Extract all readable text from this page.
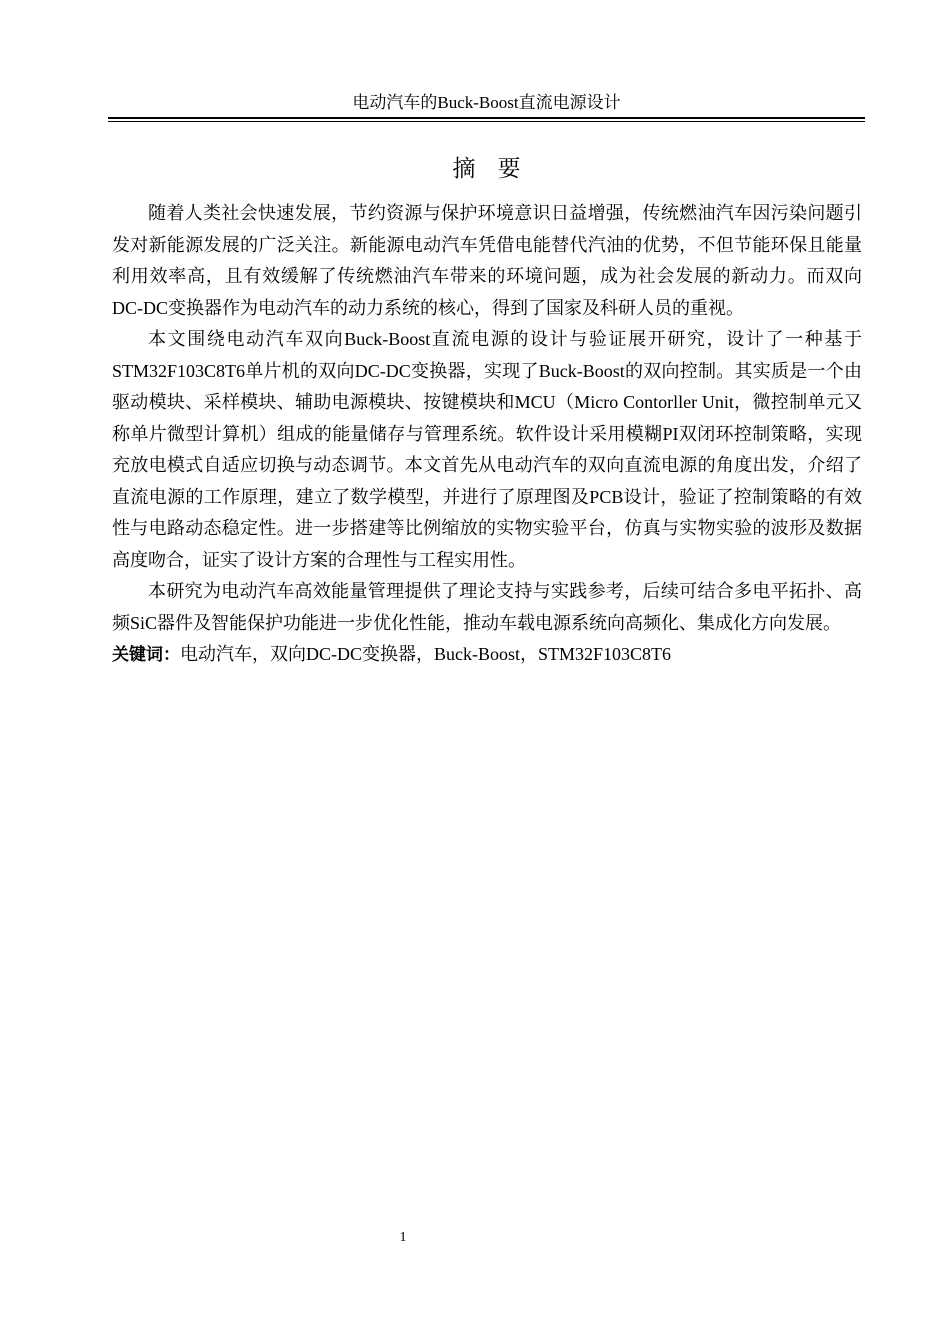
电动汽车的Buck-Boost直流电源设计
摘要

随着人类社会快速发展，节约资源与保护环境意识日益增强，传统燃油汽车因污染问题引发对新能源发展的广泛关注。新能源电动汽车凭借电能替代汽油的优势，不但节能环保且能量利用效率高，且有效缓解了传统燃油汽车带来的环境问题，成为社会发展的新动力。而双向DC-DC变换器作为电动汽车的动力系统的核心，得到了国家及科研人员的重视。

本文围绕电动汽车双向Buck-Boost直流电源的设计与验证展开研究，设计了一种基于STM32F103C8T6单片机的双向DC-DC变换器，实现了Buck-Boost的双向控制。其实质是一个由驱动模块、采样模块、辅助电源模块、按键模块和MCU（Micro Contorller Unit，微控制单元又称单片微型计算机）组成的能量储存与管理系统。软件设计采用模糊PI双闭环控制策略，实现充放电模式自适应切换与动态调节。本文首先从电动汽车的双向直流电源的角度出发，介绍了直流电源的工作原理，建立了数学模型，并进行了原理图及PCB设计，验证了控制策略的有效性与电路动态稳定性。进一步搭建等比例缩放的实物实验平台，仿真与实物实验的波形及数据高度吻合，证实了设计方案的合理性与工程实用性。

本研究为电动汽车高效能量管理提供了理论支持与实践参考，后续可结合多电平拓扑、高频SiC器件及智能保护功能进一步优化性能，推动车载电源系统向高频化、集成化方向发展。

关键词：电动汽车，双向DC-DC变换器，Buck-Boost，STM32F103C8T6

1
